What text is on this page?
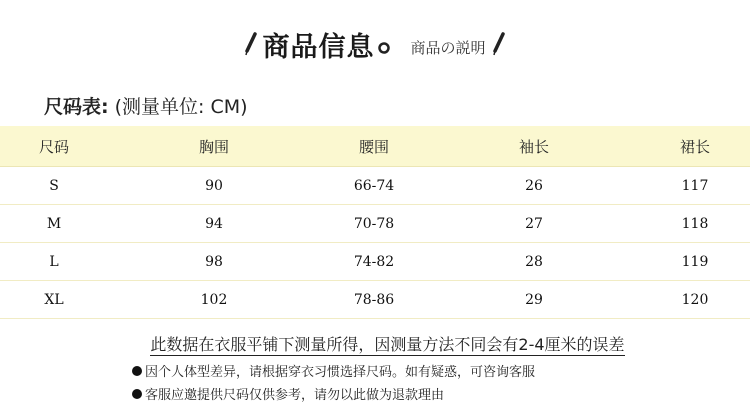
商品信息 商品の説明
尺码表: (测量单位: CM)
尺码	胸围	腰围	袖长	裙长
S	90	66-74	26	117
M	94	70-78	27	118
L	98	74-82	28	119
XL	102	78-86	29	120
此数据在衣服平铺下测量所得，因测量方法不同会有2-4厘米的误差
因个人体型差异，请根据穿衣习惯选择尺码。如有疑惑，可咨询客服
客服应邀提供尺码仅供参考，请勿以此做为退款理由
